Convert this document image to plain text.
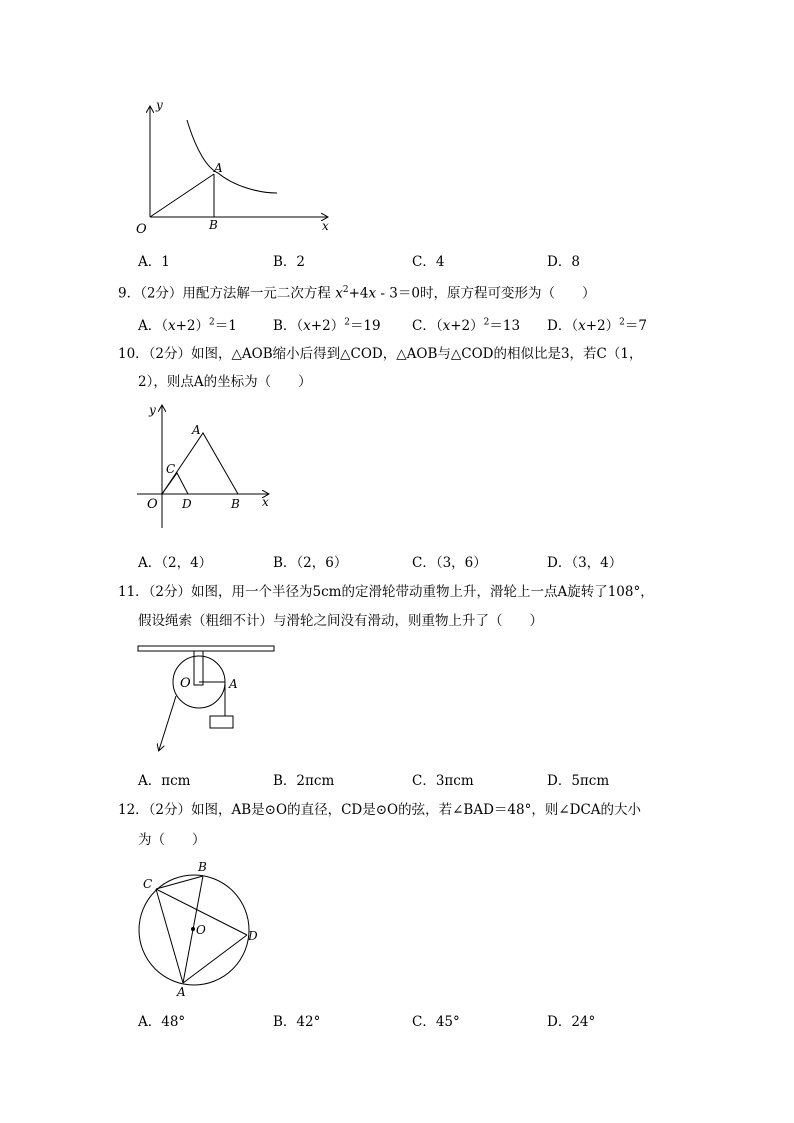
y
x
O
A
B
A．1	B．2	C．4	D．8
9．（2分）用配方法解一元二次方程 $x^2+4x - 3=0$时，原方程可变形为（　　）
A．$(x+2)^2=1$	B．$(x+2)^2=19$ C．$(x+2)^2=13$ D．$(x+2)^2=7$
10．（2分）如图，△AOB缩小后得到△COD，△AOB与△COD的相似比是3，若C（1，
2），则点A的坐标为（　　）
y
x
O
A
B
C
D
A．（2，4）	B．（2，6）	C．（3，6）	D．（3，4）
11．（2分）如图，用一个半径为5cm的定滑轮带动重物上升，滑轮上一点A旋转了108°，
假设绳索（粗细不计）与滑轮之间没有滑动，则重物上升了（　　）
O	A
A．πcm	B．2πcm	C．3πcm	D．5πcm
12．（2分）如图，AB是⊙O的直径，CD是⊙O的弦，若∠BAD＝48°，则∠DCA的大小
为（　　）
O
A
B
C
D
A．48°	B．42°	C．45°	D．24°
